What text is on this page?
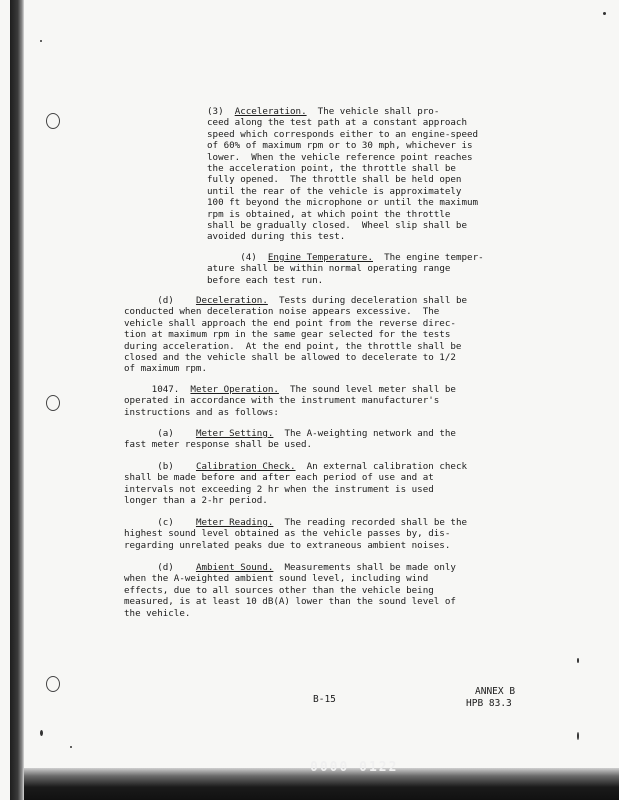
(3) Acceleration.  The vehicle shall pro-
ceed along the test path at a constant approach
speed which corresponds either to an engine-speed
of 60% of maximum rpm or to 30 mph, whichever is
lower.  When the vehicle reference point reaches
the acceleration point, the throttle shall be
fully opened.  The throttle shall be held open
until the rear of the vehicle is approximately
100 ft beyond the microphone or until the maximum
rpm is obtained, at which point the throttle
shall be gradually closed.  Wheel slip shall be
avoided during this test.
(4) Engine Temperature.  The engine temper-
ature shall be within normal operating range
before each test run.
(d) Deceleration.  Tests during deceleration shall be
conducted when deceleration noise appears excessive.  The
vehicle shall approach the end point from the reverse direc-
tion at maximum rpm in the same gear selected for the tests
during acceleration.  At the end point, the throttle shall be
closed and the vehicle shall be allowed to decelerate to 1/2
of maximum rpm.
1047. Meter Operation.  The sound level meter shall be
operated in accordance with the instrument manufacturer's
instructions and as follows:
(a) Meter Setting.  The A-weighting network and the
fast meter response shall be used.
(b) Calibration Check.  An external calibration check
shall be made before and after each period of use and at
intervals not exceeding 2 hr when the instrument is used
longer than a 2-hr period.
(c) Meter Reading.  The reading recorded shall be the
highest sound level obtained as the vehicle passes by, dis-
regarding unrelated peaks due to extraneous ambient noises.
(d) Ambient Sound.  Measurements shall be made only
when the A-weighted ambient sound level, including wind
effects, due to all sources other than the vehicle being
measured, is at least 10 dB(A) lower than the sound level of
the vehicle.
B-15
ANNEX B
HPB 83.3
0000 0122
